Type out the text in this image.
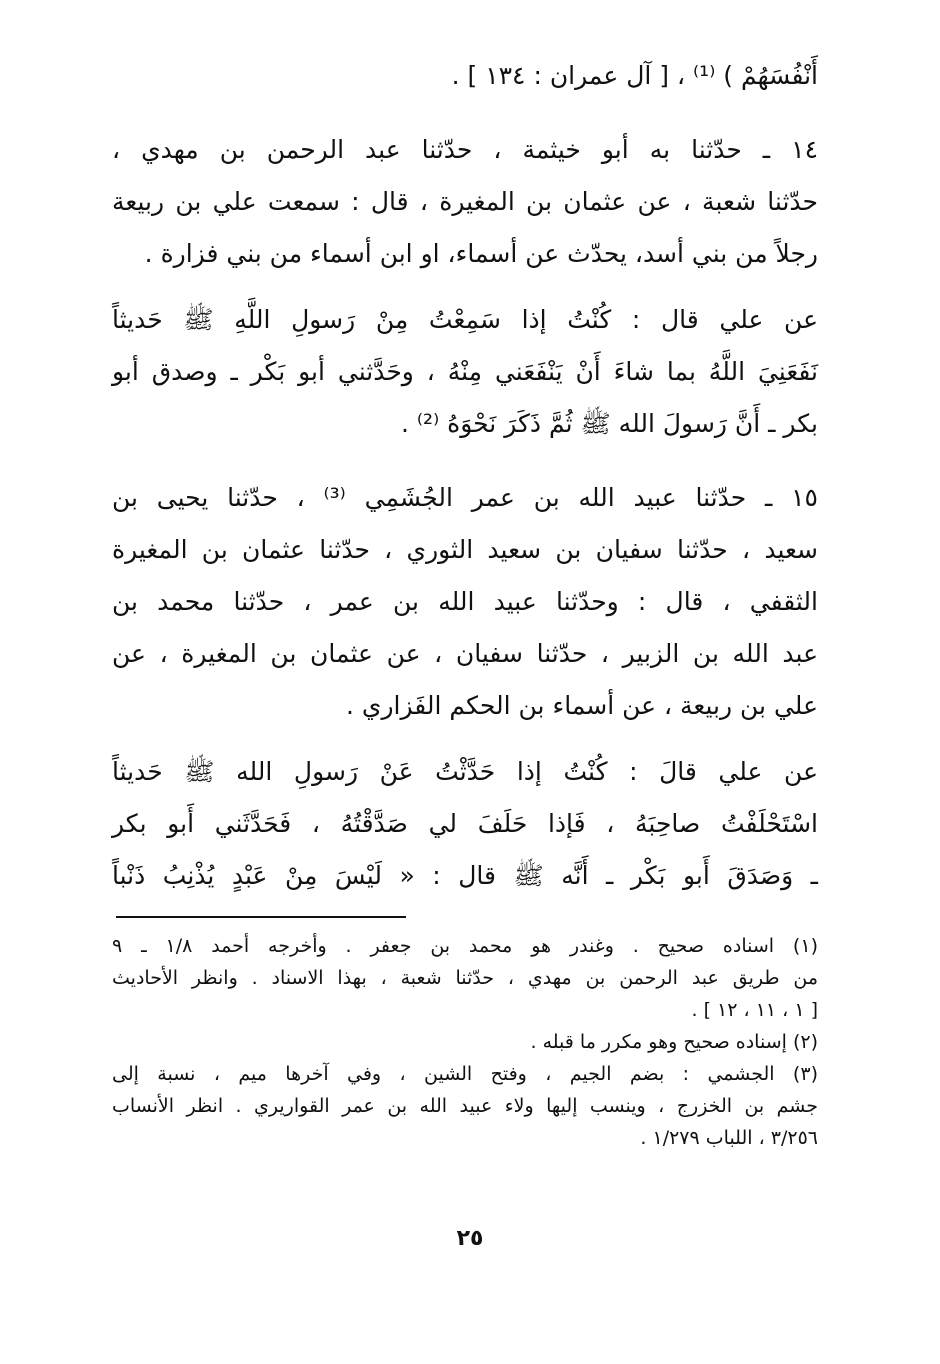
أَنْفُسَهُمْ ) ⁽¹⁾ ، [ آل عمران : ١٣٤ ] .
١٤ ـ حدّثنا به أبو خيثمة ، حدّثنا عبد الرحمن بن مهدي ،
حدّثنا شعبة ، عن عثمان بن المغيرة ، قال : سمعت علي بن ربيعة
رجلاً من بني أسد، يحدّث عن أسماء، او ابن أسماء من بني فزارة .
عن علي قال : كُنْتُ إذا سَمِعْتُ مِنْ رَسولِ اللَّهِ ﷺ حَديثاً
نَفَعَنِيَ اللَّهُ بما شاءَ أَنْ يَنْفَعَني مِنْهُ ، وحَدَّثني أبو بَكْر ـ وصدق أبو
بكر ـ أَنَّ رَسولَ الله ﷺ ثُمَّ ذَكَرَ نَحْوَهُ ⁽²⁾ .
١٥ ـ حدّثنا عبيد الله بن عمر الجُشَمِي ⁽³⁾ ، حدّثنا يحيى بن
سعيد ، حدّثنا سفيان بن سعيد الثوري ، حدّثنا عثمان بن المغيرة
الثقفي ، قال : وحدّثنا عبيد الله بن عمر ، حدّثنا محمد بن
عبد الله بن الزبير ، حدّثنا سفيان ، عن عثمان بن المغيرة ، عن
علي بن ربيعة ، عن أسماء بن الحكم الفَزاري .
عن علي قالَ : كُنْتُ إذا حَدَّثْتُ عَنْ رَسولِ الله ﷺ حَديثاً
اسْتَحْلَفْتُ صاحِبَهُ ، فَإذا حَلَفَ لي صَدَّقْتُهُ ، فَحَدَّثَني أَبو بكر
ـ وَصَدَقَ أَبو بَكْر ـ أَنَّه ﷺ قال : « لَيْسَ مِنْ عَبْدٍ يُذْنِبُ ذَنْباً
(١) اسناده صحيح . وغندر هو محمد بن جعفر . وأخرجه أحمد ١/٨ ـ ٩
من طريق عبد الرحمن بن مهدي ، حدّثنا شعبة ، بهذا الاسناد . وانظر الأحاديث
[ ١ ، ١١ ، ١٢ ] .
(٢) إسناده صحيح وهو مكرر ما قبله .
(٣) الجشمي : بضم الجيم ، وفتح الشين ، وفي آخرها ميم ، نسبة إلى
جشم بن الخزرج ، وينسب إليها ولاء عبيد الله بن عمر القواريري . انظر الأنساب
٣/٢٥٦ ، اللباب ١/٢٧٩ .
٢٥
